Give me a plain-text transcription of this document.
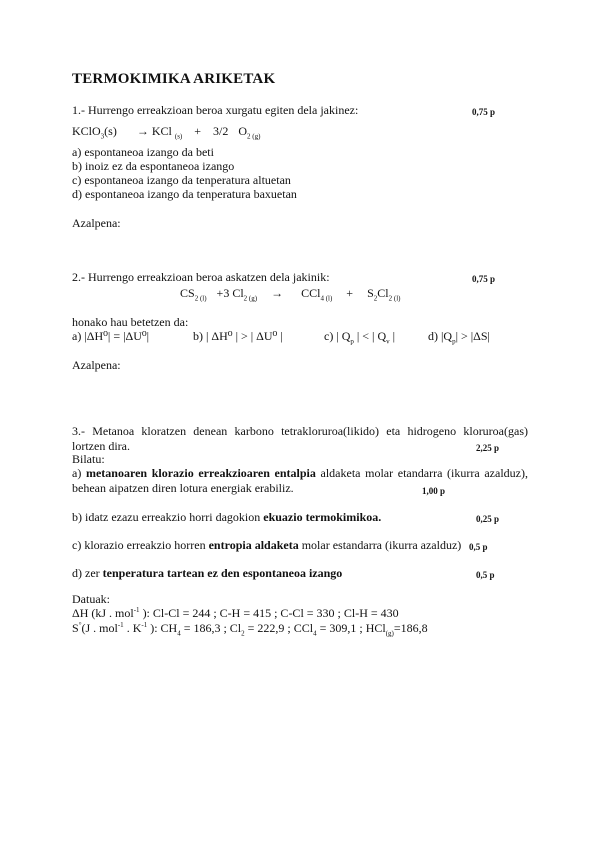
TERMOKIMIKA ARIKETAK
1.- Hurrengo erreakzioan beroa xurgatu egiten dela jakinez:	0,75 p
KClO$_3$(s) → KCl $_{(s)}$ + 3/2 $O_{2 (g)}$
a) espontaneoa izango da beti
b) inoiz ez da espontaneoa izango
c) espontaneoa izango da tenperatura altuetan
d) espontaneoa izango da tenperatura baxuetan
Azalpena:
2.- Hurrengo erreakzioan beroa askatzen dela jakinik:	0,75 p
$CS_{2 (l)} +3$ $Cl_{2 (g)} \to CCl_{4 (l)} + S_2Cl_{2 (l)}$
honako hau betetzen da:
a) |ΔH⁰| = |ΔU⁰|	b) | ΔH⁰ | > | ΔU⁰ |	c) | $Q_p$ | < | $Q_v$ |	d) $|Q_p| > |\Delta S|$
Azalpena:
3.- Metanoa kloratzen denean karbono tetrakloruroa(likido) eta hidrogeno kloruroa(gas) lortzen dira.	2,25 p
Bilatu:
a) metanoaren klorazio erreakzioaren entalpia aldaketa molar etandarra (ikurra azalduz), behean aipatzen diren lotura energiak erabiliz.	1,00 p
b) idatz ezazu erreakzio horri dagokion ekuazio termokimikoa.	0,25 p
c) klorazio erreakzio horren entropia aldaketa molar estandarra (ikurra azalduz) 0,5 p
d) zer tenperatura tartean ez den espontaneoa izango	0,5 p
Datuak:
ΔH (kJ . mol$^{-1}$ ): Cl-Cl = 244 ; C-H = 415 ; C-Cl = 330 ; Cl-H = 430
S°(J . mol$^{-1}$ . $K^{-1}$ ): $CH_4 = 186,3$ ; $Cl_2 = 222,9$ ; CCl$_4$ = 309,1 ; HCl$_{(g)}$=186,8
